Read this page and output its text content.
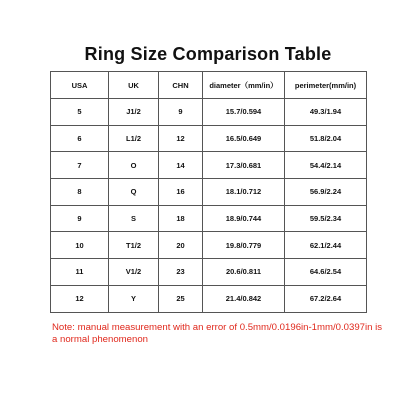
Ring Size Comparison Table
USA	UK	CHN	diameter（mm/in）	perimeter(mm/in)
5	J1/2	9	15.7/0.594	49.3/1.94
6	L1/2	12	16.5/0.649	51.8/2.04
7	O	14	17.3/0.681	54.4/2.14
8	Q	16	18.1/0.712	56.9/2.24
9	S	18	18.9/0.744	59.5/2.34
10	T1/2	20	19.8/0.779	62.1/2.44
11	V1/2	23	20.6/0.811	64.6/2.54
12	Y	25	21.4/0.842	67.2/2.64
Note: manual measurement with an error of 0.5mm/0.0196in-1mm/0.0397in is a normal phenomenon
